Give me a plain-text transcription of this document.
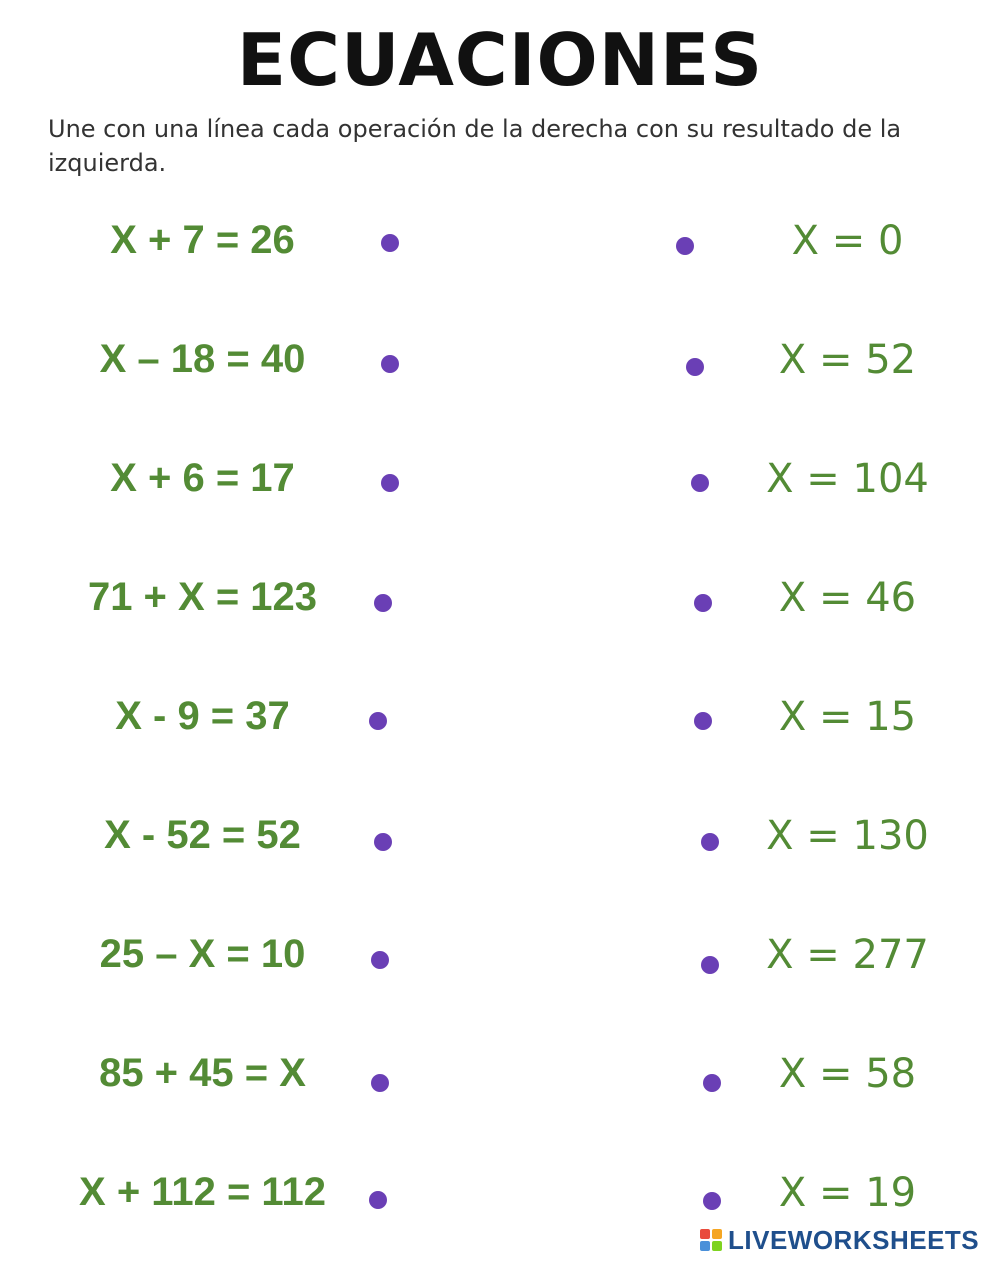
ECUACIONES

Une con una línea cada operación de la derecha con su resultado de la izquierda.

X + 7 = 26
X – 18 = 40
X + 6 = 17
71 + X = 123
X - 9 = 37
X - 52 = 52
25 – X = 10
85 + 45 = X
X + 112 = 112
X = 0
X = 52
X = 104
X = 46
X = 15
X = 130
X = 277
X = 58
X = 19
LIVEWORKSHEETS
